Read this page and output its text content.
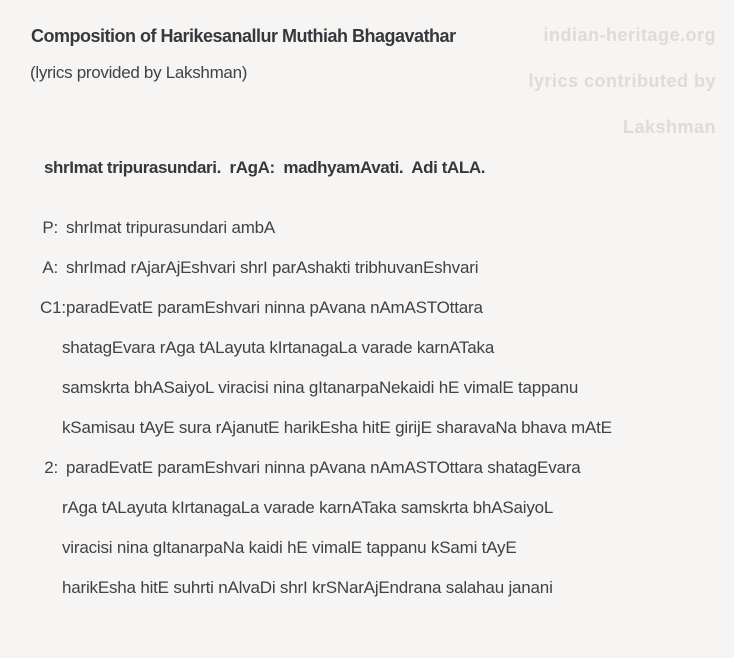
Composition of Harikesanallur Muthiah Bhagavathar
(lyrics provided by Lakshman)
indian-heritage.org
lyrics contributed by
Lakshman
shrImat tripurasundari.  rAgA:  madhyamAvati.  Adi tALA.
P: shrImat tripurasundari ambA
A: shrImad rAjarAjEshvari shrI parAshakti tribhuvanEshvari
C1: paradEvatE paramEshvari ninna pAvana nAmASTOttara
shatagEvara rAga tALayuta kIrtanagaLa varade karnATaka
samskrta bhASaiyoL viracisi nina gItanarpaNekaidi hE vimalE tappanu
kSamisau tAyE sura rAjanutE harikEsha hitE girijE sharavaNa bhava mAtE
2: paradEvatE paramEshvari ninna pAvana nAmASTOttara shatagEvara
rAga tALayuta kIrtanagaLa varade karnATaka samskrta bhASaiyoL
viracisi nina gItanarpaNa kaidi hE vimalE tappanu kSami tAyE
harikEsha hitE suhrti nAlvaDi shrI krSNarAjEndrana salahau janani
